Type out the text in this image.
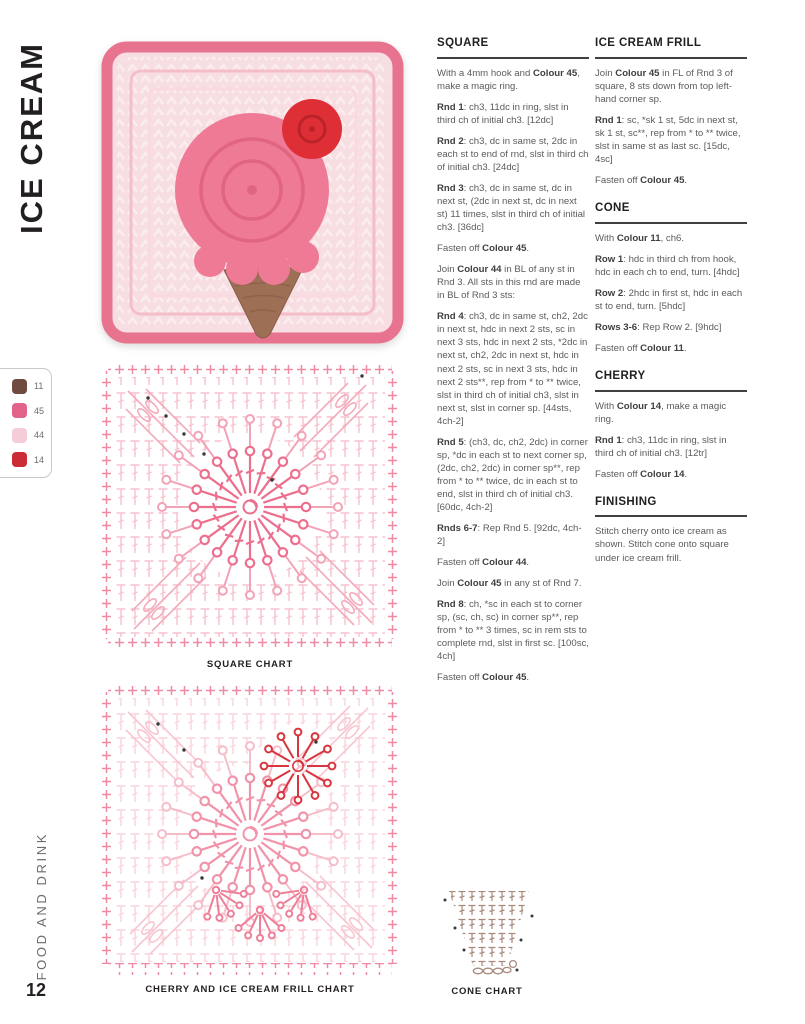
ICE CREAM
FOOD AND DRINK
12
11
45
44
14
SQUARE CHART
CHERRY AND ICE CREAM FRILL CHART	CONE CHART
SQUARE

With a 4mm hook and Colour 45, make a magic ring.

Rnd 1: ch3, 11dc in ring, slst in third ch of initial ch3. [12dc]

Rnd 2: ch3, dc in same st, 2dc in each st to end of rnd, slst in third ch of initial ch3. [24dc]

Rnd 3: ch3, dc in same st, dc in next st, (2dc in next st, dc in next st) 11 times, slst in third ch of initial ch3. [36dc]

Fasten off Colour 45.

Join Colour 44 in BL of any st in Rnd 3. All sts in this rnd are made in BL of Rnd 3 sts:

Rnd 4: ch3, dc in same st, ch2, 2dc in next st, hdc in next 2 sts, sc in next 3 sts, hdc in next 2 sts, *2dc in next st, ch2, 2dc in next st, hdc in next 2 sts, sc in next 3 sts, hdc in next 2 sts**, rep from * to ** twice, slst in third ch of initial ch3, slst in next st, slst in corner sp. [44sts, 4ch-2]

Rnd 5: (ch3, dc, ch2, 2dc) in corner sp, *dc in each st to next corner sp, (2dc, ch2, 2dc) in corner sp**, rep from * to ** twice, dc in each st to end, slst in third ch of initial ch3. [60dc, 4ch-2]

Rnds 6-7: Rep Rnd 5. [92dc, 4ch-2]

Fasten off Colour 44.

Join Colour 45 in any st of Rnd 7.

Rnd 8: ch, *sc in each st to corner sp, (sc, ch, sc) in corner sp**, rep from * to ** 3 times, sc in rem sts to complete rnd, slst in first sc. [100sc, 4ch]

Fasten off Colour 45.

ICE CREAM FRILL

Join Colour 45 in FL of Rnd 3 of square, 8 sts down from top left-hand corner sp.

Rnd 1: sc, *sk 1 st, 5dc in next st, sk 1 st, sc**, rep from * to ** twice, slst in same st as last sc. [15dc, 4sc]

Fasten off Colour 45.

CONE

With Colour 11, ch6.

Row 1: hdc in third ch from hook, hdc in each ch to end, turn. [4hdc]

Row 2: 2hdc in first st, hdc in each st to end, turn. [5hdc]

Rows 3-6: Rep Row 2. [9hdc]

Fasten off Colour 11.

CHERRY

With Colour 14, make a magic ring.

Rnd 1: ch3, 11dc in ring, slst in third ch of initial ch3. [12tr]

Fasten off Colour 14.

FINISHING

Stitch cherry onto ice cream as shown. Stitch cone onto square under ice cream frill.
